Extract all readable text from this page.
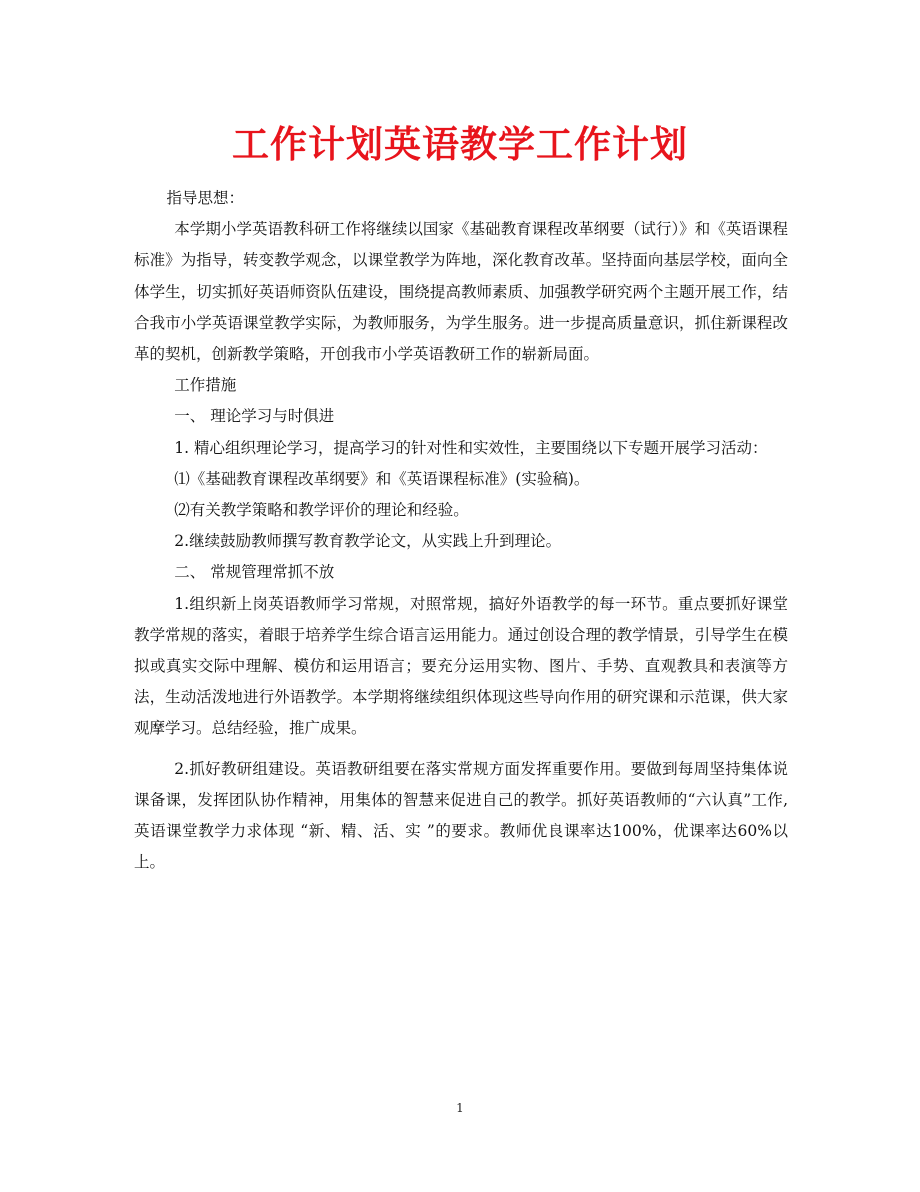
工作计划英语教学工作计划

指导思想：

本学期小学英语教科研工作将继续以国家《基础教育课程改革纲要（试行）》和《英语课程标准》为指导，转变教学观念，以课堂教学为阵地，深化教育改革。坚持面向基层学校，面向全体学生，切实抓好英语师资队伍建设，围绕提高教师素质、加强教学研究两个主题开展工作，结合我市小学英语课堂教学实际，为教师服务，为学生服务。进一步提高质量意识，抓住新课程改革的契机，创新教学策略，开创我市小学英语教研工作的崭新局面。

工作措施

一、 理论学习与时俱进

1. 精心组织理论学习，提高学习的针对性和实效性，主要围绕以下专题开展学习活动：

⑴《基础教育课程改革纲要》和《英语课程标准》(实验稿)。

⑵有关教学策略和教学评价的理论和经验。

2.继续鼓励教师撰写教育教学论文，从实践上升到理论。

二、 常规管理常抓不放

1.组织新上岗英语教师学习常规，对照常规，搞好外语教学的每一环节。重点要抓好课堂教学常规的落实，着眼于培养学生综合语言运用能力。通过创设合理的教学情景，引导学生在模拟或真实交际中理解、模仿和运用语言；要充分运用实物、图片、手势、直观教具和表演等方法，生动活泼地进行外语教学。本学期将继续组织体现这些导向作用的研究课和示范课，供大家观摩学习。总结经验，推广成果。

2.抓好教研组建设。英语教研组要在落实常规方面发挥重要作用。要做到每周坚持集体说课备课，发挥团队协作精神，用集体的智慧来促进自己的教学。抓好英语教师的“六认真”工作,英语课堂教学力求体现 “新、精、活、实 ”的要求。教师优良课率达100%，优课率达60%以上。

1
